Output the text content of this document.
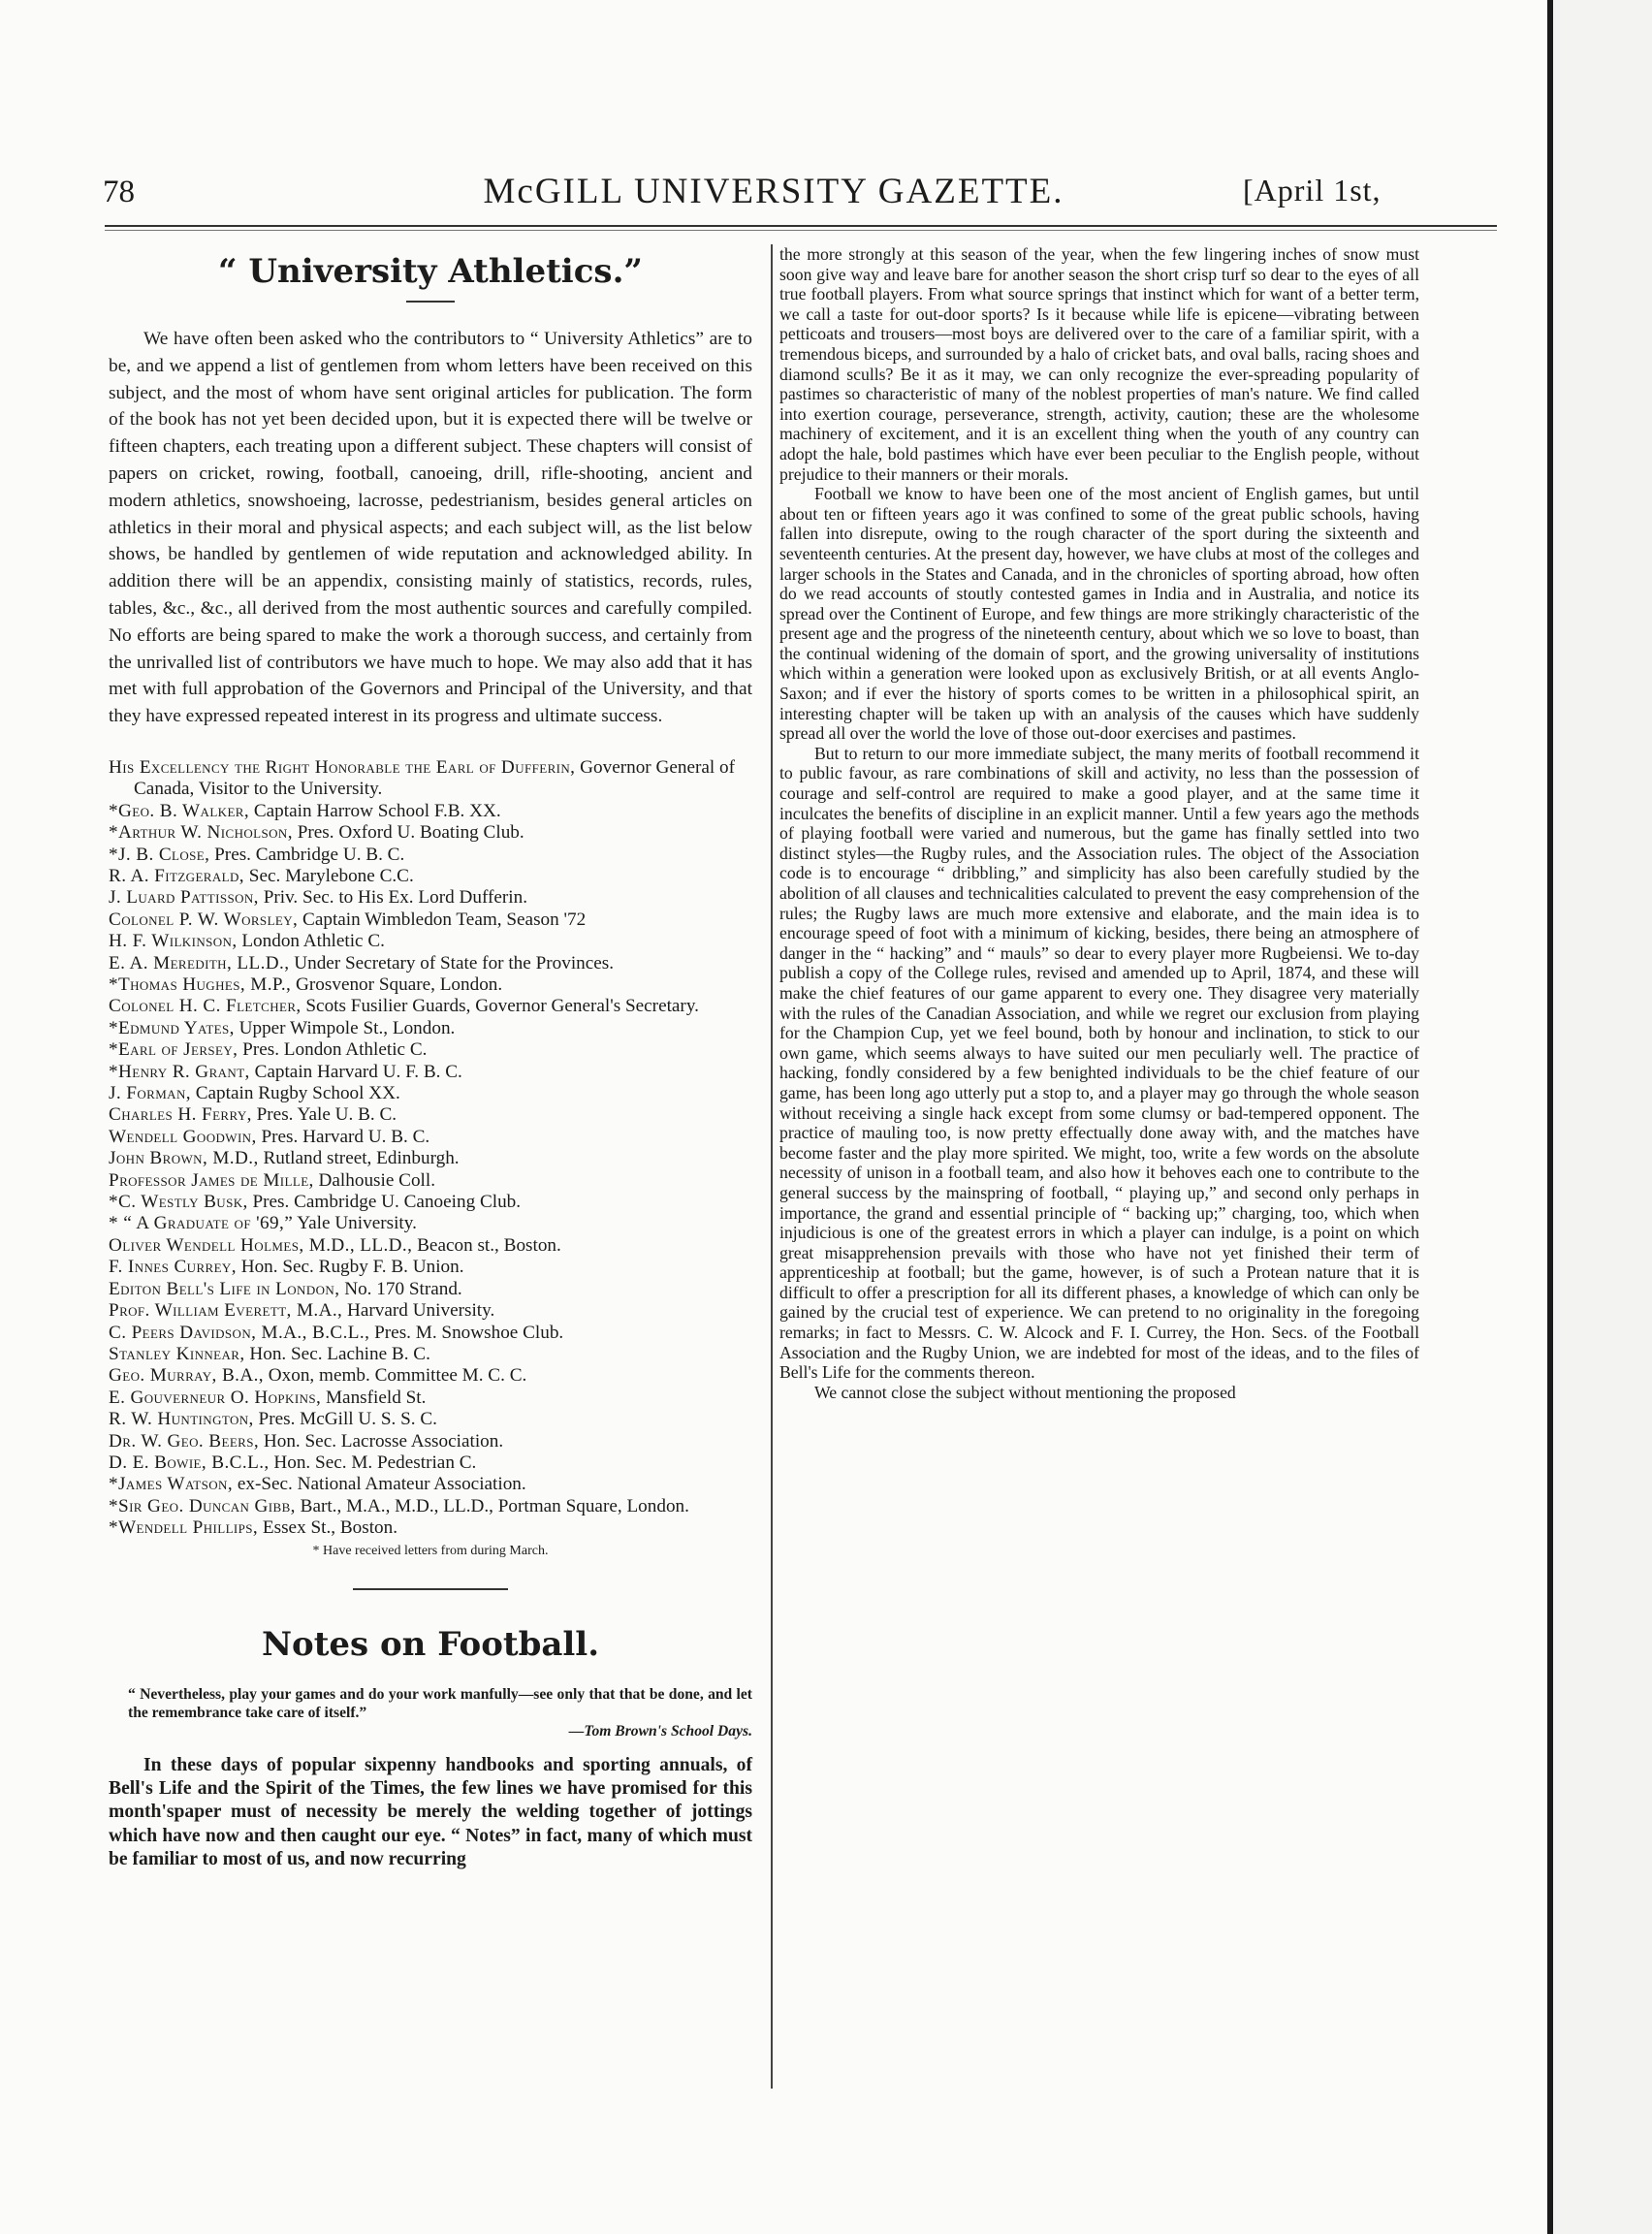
78	McGILL UNIVERSITY GAZETTE.	[April 1st,
“ University Athletics.”

We have often been asked who the contributors to “ University Athletics” are to be, and we append a list of gentlemen from whom letters have been received on this subject, and the most of whom have sent original articles for publication. The form of the book has not yet been decided upon, but it is expected there will be twelve or fifteen chapters, each treating upon a different subject. These chapters will consist of papers on cricket, rowing, football, canoeing, drill, rifle-shooting, ancient and modern athletics, snowshoeing, lacrosse, pedestrianism, besides general articles on athletics in their moral and physical aspects; and each subject will, as the list below shows, be handled by gentlemen of wide reputation and acknowledged ability. In addition there will be an appendix, consisting mainly of statistics, records, rules, tables, &c., &c., all derived from the most authentic sources and carefully compiled. No efforts are being spared to make the work a thorough success, and certainly from the unrivalled list of contributors we have much to hope. We may also add that it has met with full approbation of the Governors and Principal of the University, and that they have expressed repeated interest in its progress and ultimate success.

His Excellency the Right Honorable the Earl of Dufferin, Governor General of Canada, Visitor to the University.
*Geo. B. Walker, Captain Harrow School F.B. XX.
*Arthur W. Nicholson, Pres. Oxford U. Boating Club.
*J. B. Close, Pres. Cambridge U. B. C.
R. A. Fitzgerald, Sec. Marylebone C.C.
J. Luard Pattisson, Priv. Sec. to His Ex. Lord Dufferin.
Colonel P. W. Worsley, Captain Wimbledon Team, Season '72
H. F. Wilkinson, London Athletic C.
E. A. Meredith, LL.D., Under Secretary of State for the Provinces.
*Thomas Hughes, M.P., Grosvenor Square, London.
Colonel H. C. Fletcher, Scots Fusilier Guards, Governor General's Secretary.
*Edmund Yates, Upper Wimpole St., London.
*Earl of Jersey, Pres. London Athletic C.
*Henry R. Grant, Captain Harvard U. F. B. C.
J. Forman, Captain Rugby School XX.
Charles H. Ferry, Pres. Yale U. B. C.
Wendell Goodwin, Pres. Harvard U. B. C.
John Brown, M.D., Rutland street, Edinburgh.
Professor James de Mille, Dalhousie Coll.
*C. Westly Busk, Pres. Cambridge U. Canoeing Club.
* “ A Graduate of '69,” Yale University.
Oliver Wendell Holmes, M.D., LL.D., Beacon st., Boston.
F. Innes Currey, Hon. Sec. Rugby F. B. Union.
Editon Bell's Life in London, No. 170 Strand.
Prof. William Everett, M.A., Harvard University.
C. Peers Davidson, M.A., B.C.L., Pres. M. Snowshoe Club.
Stanley Kinnear, Hon. Sec. Lachine B. C.
Geo. Murray, B.A., Oxon, memb. Committee M. C. C.
E. Gouverneur O. Hopkins, Mansfield St.
R. W. Huntington, Pres. McGill U. S. S. C.
Dr. W. Geo. Beers, Hon. Sec. Lacrosse Association.
D. E. Bowie, B.C.L., Hon. Sec. M. Pedestrian C.
*James Watson, ex-Sec. National Amateur Association.
*Sir Geo. Duncan Gibb, Bart., M.A., M.D., LL.D., Portman Square, London.
*Wendell Phillips, Essex St., Boston.
* Have received letters from during March.
Notes on Football.
“ Nevertheless, play your games and do your work manfully—see only that that be done, and let the remembrance take care of itself.”
—Tom Brown's School Days.

In these days of popular sixpenny handbooks and sporting annuals, of Bell's Life and the Spirit of the Times, the few lines we have promised for this month'spaper must of necessity be merely the welding together of jottings which have now and then caught our eye. “ Notes” in fact, many of which must be familiar to most of us, and now recurring

the more strongly at this season of the year, when the few lingering inches of snow must soon give way and leave bare for another season the short crisp turf so dear to the eyes of all true football players. From what source springs that instinct which for want of a better term, we call a taste for out-door sports? Is it because while life is epicene—vibrating between petticoats and trousers—most boys are delivered over to the care of a familiar spirit, with a tremendous biceps, and surrounded by a halo of cricket bats, and oval balls, racing shoes and diamond sculls? Be it as it may, we can only recognize the ever-spreading popularity of pastimes so characteristic of many of the noblest properties of man's nature. We find called into exertion courage, perseverance, strength, activity, caution; these are the wholesome machinery of excitement, and it is an excellent thing when the youth of any country can adopt the hale, bold pastimes which have ever been peculiar to the English people, without prejudice to their manners or their morals.

Football we know to have been one of the most ancient of English games, but until about ten or fifteen years ago it was confined to some of the great public schools, having fallen into disrepute, owing to the rough character of the sport during the sixteenth and seventeenth centuries. At the present day, however, we have clubs at most of the colleges and larger schools in the States and Canada, and in the chronicles of sporting abroad, how often do we read accounts of stoutly contested games in India and in Australia, and notice its spread over the Continent of Europe, and few things are more strikingly characteristic of the present age and the progress of the nineteenth century, about which we so love to boast, than the continual widening of the domain of sport, and the growing universality of institutions which within a generation were looked upon as exclusively British, or at all events Anglo-Saxon; and if ever the history of sports comes to be written in a philosophical spirit, an interesting chapter will be taken up with an analysis of the causes which have suddenly spread all over the world the love of those out-door exercises and pastimes.

But to return to our more immediate subject, the many merits of football recommend it to public favour, as rare combinations of skill and activity, no less than the possession of courage and self-control are required to make a good player, and at the same time it inculcates the benefits of discipline in an explicit manner. Until a few years ago the methods of playing football were varied and numerous, but the game has finally settled into two distinct styles—the Rugby rules, and the Association rules. The object of the Association code is to encourage “ dribbling,” and simplicity has also been carefully studied by the abolition of all clauses and technicalities calculated to prevent the easy comprehension of the rules; the Rugby laws are much more extensive and elaborate, and the main idea is to encourage speed of foot with a minimum of kicking, besides, there being an atmosphere of danger in the “ hacking” and “ mauls” so dear to every player more Rugbeiensi. We to-day publish a copy of the College rules, revised and amended up to April, 1874, and these will make the chief features of our game apparent to every one. They disagree very materially with the rules of the Canadian Association, and while we regret our exclusion from playing for the Champion Cup, yet we feel bound, both by honour and inclination, to stick to our own game, which seems always to have suited our men peculiarly well. The practice of hacking, fondly considered by a few benighted individuals to be the chief feature of our game, has been long ago utterly put a stop to, and a player may go through the whole season without receiving a single hack except from some clumsy or bad-tempered opponent. The practice of mauling too, is now pretty effectually done away with, and the matches have become faster and the play more spirited. We might, too, write a few words on the absolute necessity of unison in a football team, and also how it behoves each one to contribute to the general success by the mainspring of football, “ playing up,” and second only perhaps in importance, the grand and essential principle of “ backing up;” charging, too, which when injudicious is one of the greatest errors in which a player can indulge, is a point on which great misapprehension prevails with those who have not yet finished their term of apprenticeship at football; but the game, however, is of such a Protean nature that it is difficult to offer a prescription for all its different phases, a knowledge of which can only be gained by the crucial test of experience. We can pretend to no originality in the foregoing remarks; in fact to Messrs. C. W. Alcock and F. I. Currey, the Hon. Secs. of the Football Association and the Rugby Union, we are indebted for most of the ideas, and to the files of Bell's Life for the comments thereon.

We cannot close the subject without mentioning the proposed
